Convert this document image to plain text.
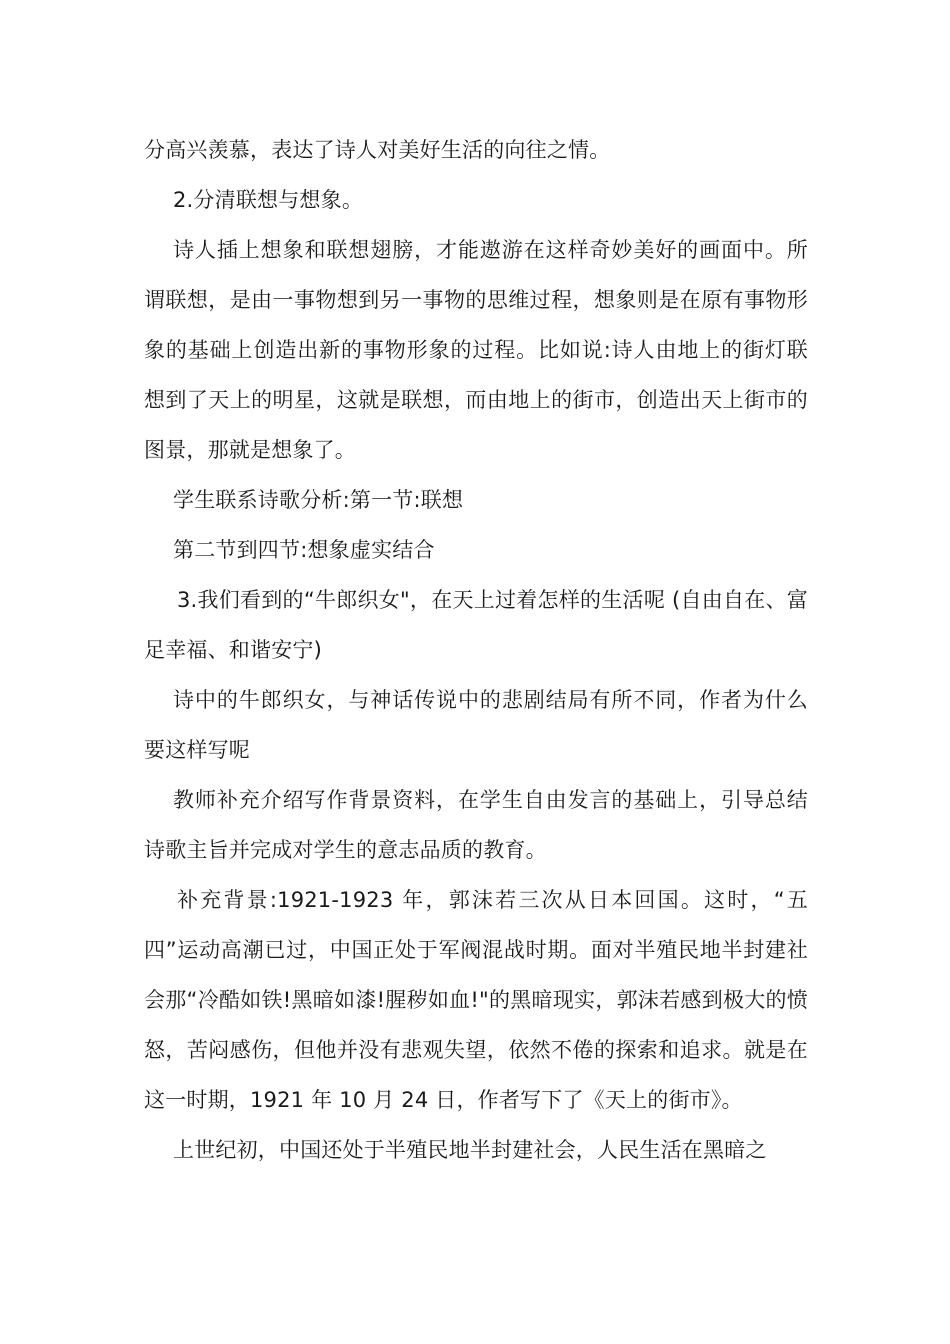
分高兴羡慕，表达了诗人对美好生活的向往之情。

2.分清联想与想象。

诗人插上想象和联想翅膀，才能遨游在这样奇妙美好的画面中。所谓联想，是由一事物想到另一事物的思维过程，想象则是在原有事物形象的基础上创造出新的事物形象的过程。比如说:诗人由地上的街灯联想到了天上的明星，这就是联想，而由地上的街市，创造出天上街市的图景，那就是想象了。

学生联系诗歌分析:第一节:联想

第二节到四节:想象虚实结合

3.我们看到的“牛郎织女"，在天上过着怎样的生活呢 (自由自在、富足幸福、和谐安宁)

诗中的牛郎织女，与神话传说中的悲剧结局有所不同，作者为什么要这样写呢

教师补充介绍写作背景资料，在学生自由发言的基础上，引导总结诗歌主旨并完成对学生的意志品质的教育。

补充背景:1921-1923 年，郭沫若三次从日本回国。这时，“五四”运动高潮已过，中国正处于军阀混战时期。面对半殖民地半封建社会那“冷酷如铁!黑暗如漆!腥秽如血!"的黑暗现实，郭沫若感到极大的愤怒，苦闷感伤，但他并没有悲观失望，依然不倦的探索和追求。就是在这一时期，1921 年 10 月 24 日，作者写下了《天上的街市》。

上世纪初，中国还处于半殖民地半封建社会，人民生活在黑暗之
